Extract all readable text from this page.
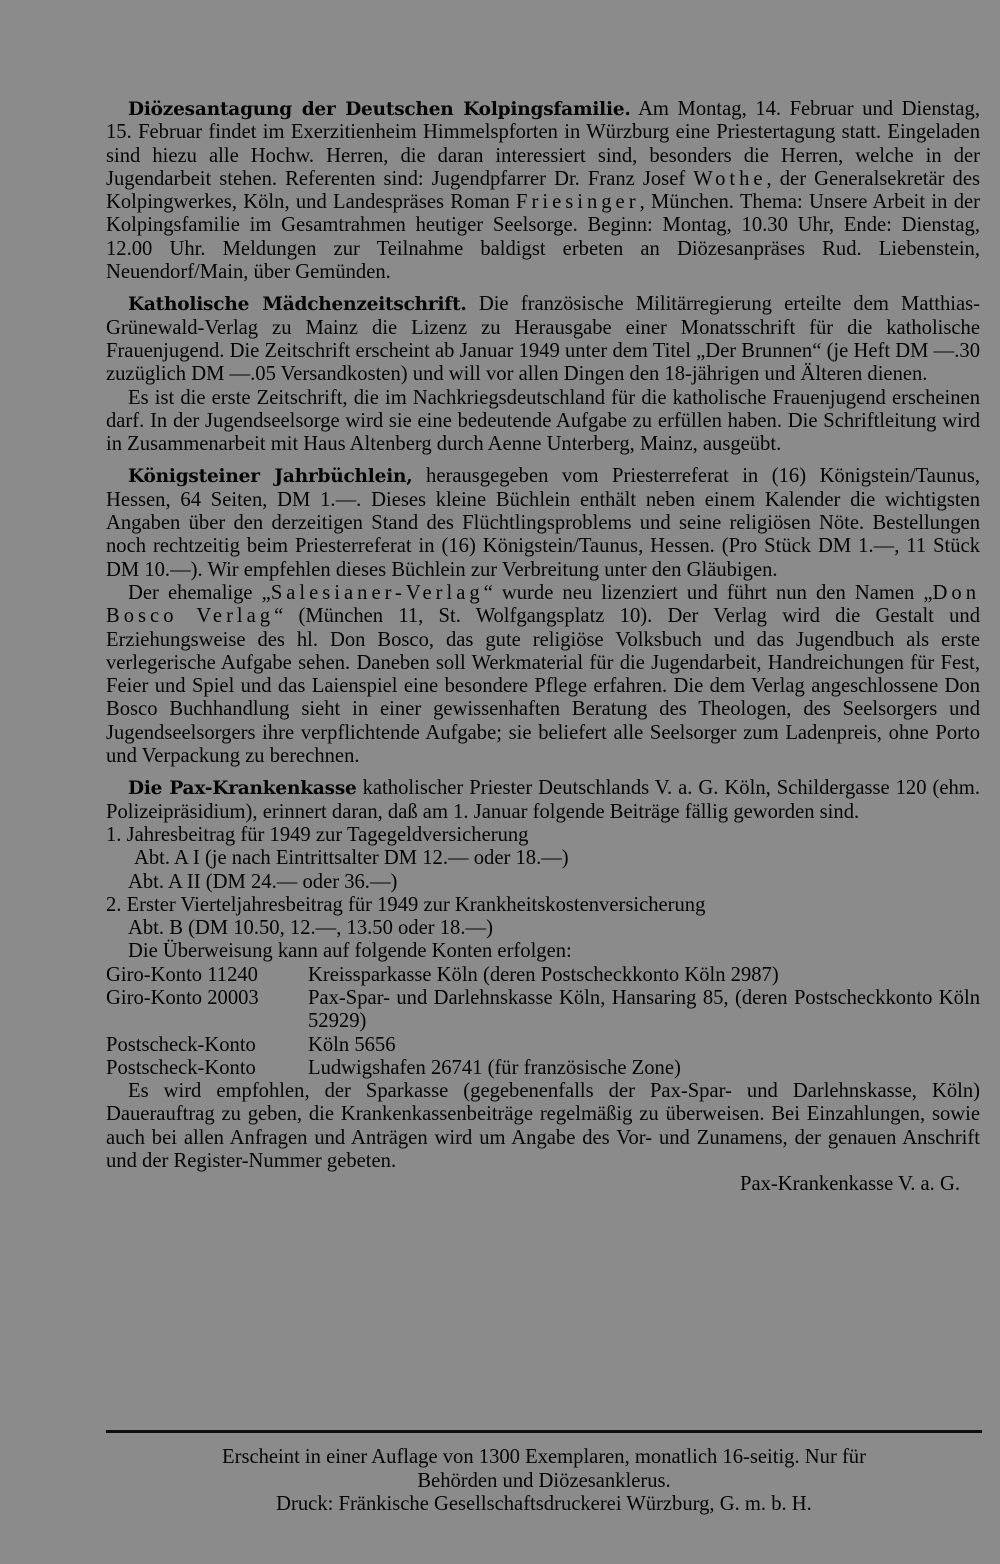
Diözesantagung der Deutschen Kolpingsfamilie. Am Montag, 14. Februar und Dienstag, 15. Februar findet im Exerzitienheim Himmelspforten in Würzburg eine Priestertagung statt. Eingeladen sind hiezu alle Hochw. Herren, die daran interessiert sind, besonders die Herren, welche in der Jugendarbeit stehen. Referenten sind: Jugendpfarrer Dr. Franz Josef Wothe, der Generalsekretär des Kolpingwerkes, Köln, und Landespräses Roman Friesinger, München. Thema: Unsere Arbeit in der Kolpingsfamilie im Gesamtrahmen heutiger Seelsorge. Beginn: Montag, 10.30 Uhr, Ende: Dienstag, 12.00 Uhr. Meldungen zur Teilnahme baldigst erbeten an Diözesanpräses Rud. Liebenstein, Neuendorf/Main, über Gemünden.

Katholische Mädchenzeitschrift. Die französische Militärregierung erteilte dem Matthias-Grünewald-Verlag zu Mainz die Lizenz zu Herausgabe einer Monatsschrift für die katholische Frauenjugend. Die Zeitschrift erscheint ab Januar 1949 unter dem Titel „Der Brunnen“ (je Heft DM —.30 zuzüglich DM —.05 Versandkosten) und will vor allen Dingen den 18-jährigen und Älteren dienen.

Es ist die erste Zeitschrift, die im Nachkriegsdeutschland für die katholische Frauenjugend erscheinen darf. In der Jugendseelsorge wird sie eine bedeutende Aufgabe zu erfüllen haben. Die Schriftleitung wird in Zusammenarbeit mit Haus Altenberg durch Aenne Unterberg, Mainz, ausgeübt.

Königsteiner Jahrbüchlein, herausgegeben vom Priesterreferat in (16) Königstein/Taunus, Hessen, 64 Seiten, DM 1.—. Dieses kleine Büchlein enthält neben einem Kalender die wichtigsten Angaben über den derzeitigen Stand des Flüchtlingsproblems und seine religiösen Nöte. Bestellungen noch rechtzeitig beim Priesterreferat in (16) Königstein/Taunus, Hessen. (Pro Stück DM 1.—, 11 Stück DM 10.—). Wir empfehlen dieses Büchlein zur Verbreitung unter den Gläubigen.

Der ehemalige „Salesianer-Verlag“ wurde neu lizenziert und führt nun den Namen „Don Bosco Verlag“ (München 11, St. Wolfgangsplatz 10). Der Verlag wird die Gestalt und Erziehungsweise des hl. Don Bosco, das gute religiöse Volksbuch und das Jugendbuch als erste verlegerische Aufgabe sehen. Daneben soll Werkmaterial für die Jugendarbeit, Handreichungen für Fest, Feier und Spiel und das Laienspiel eine besondere Pflege erfahren. Die dem Verlag angeschlossene Don Bosco Buchhandlung sieht in einer gewissenhaften Beratung des Theologen, des Seelsorgers und Jugendseelsorgers ihre verpflichtende Aufgabe; sie beliefert alle Seelsorger zum Ladenpreis, ohne Porto und Verpackung zu berechnen.

Die Pax-Krankenkasse katholischer Priester Deutschlands V. a. G. Köln, Schildergasse 120 (ehm. Polizeipräsidium), erinnert daran, daß am 1. Januar folgende Beiträge fällig geworden sind.

1. Jahresbeitrag für 1949 zur Tagegeldversicherung

Abt. A I (je nach Eintrittsalter DM 12.— oder 18.—)

Abt. A II (DM 24.— oder 36.—)

2. Erster Vierteljahresbeitrag für 1949 zur Krankheitskostenversicherung

Abt. B (DM 10.50, 12.—, 13.50 oder 18.—)

Die Überweisung kann auf folgende Konten erfolgen:

Giro-Konto 11240	Kreissparkasse Köln (deren Postscheckkonto Köln 2987)
Giro-Konto 20003	Pax-Spar- und Darlehnskasse Köln, Hansaring 85, (deren Postscheckkonto Köln 52929)
Postscheck-Konto	Köln 5656
Postscheck-Konto	Ludwigshafen 26741 (für französische Zone)

Es wird empfohlen, der Sparkasse (gegebenenfalls der Pax-Spar- und Darlehnskasse, Köln) Dauerauftrag zu geben, die Krankenkassenbeiträge regelmäßig zu überweisen. Bei Einzahlungen, sowie auch bei allen Anfragen und Anträgen wird um Angabe des Vor- und Zunamens, der genauen Anschrift und der Register-Nummer gebeten.

Pax-Krankenkasse V. a. G.

Erscheint in einer Auflage von 1300 Exemplaren, monatlich 16-seitig. Nur für

Behörden und Diözesanklerus.

Druck: Fränkische Gesellschaftsdruckerei Würzburg, G. m. b. H.
